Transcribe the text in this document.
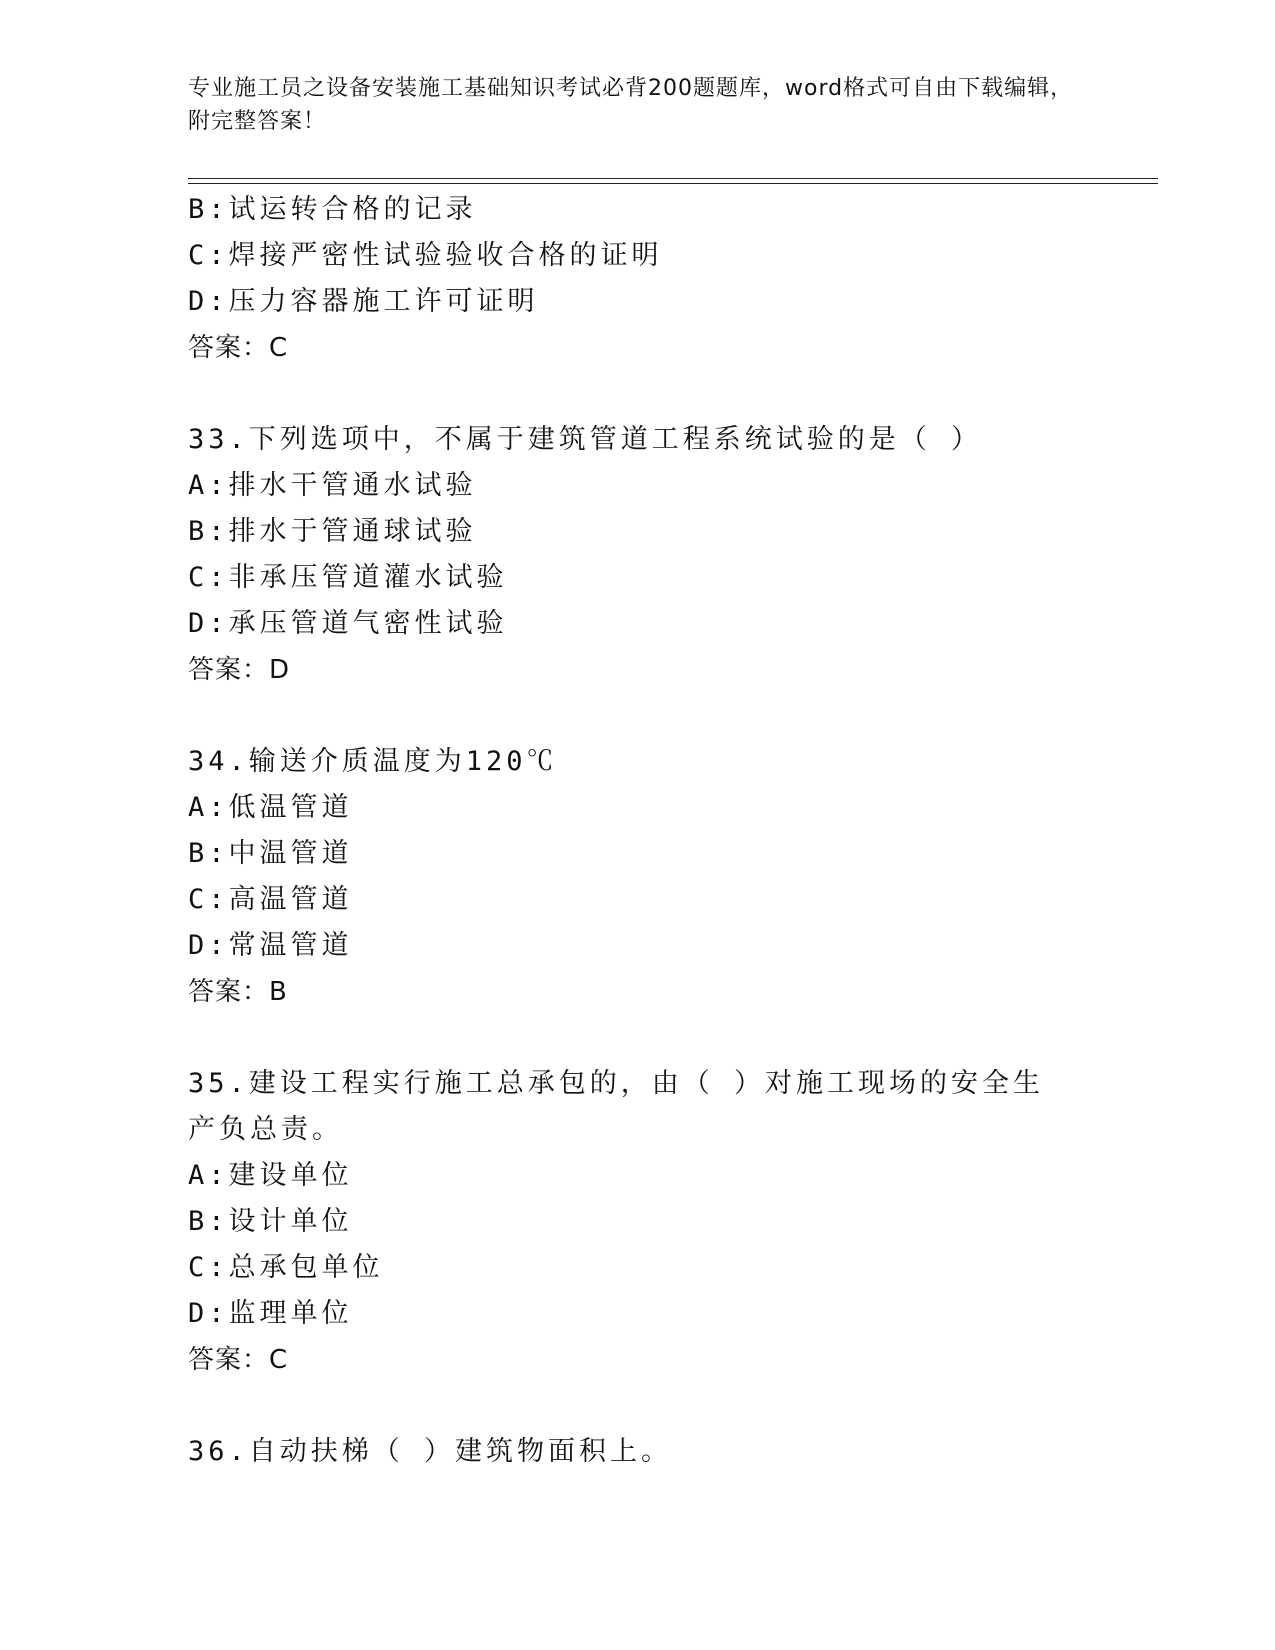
专业施工员之设备安装施工基础知识考试必背200题题库，word格式可自由下载编辑，附完整答案！
B:试运转合格的记录
C:焊接严密性试验验收合格的证明
D:压力容器施工许可证明
答案：C
33.下列选项中，不属于建筑管道工程系统试验的是（ ）
A:排水干管通水试验
B:排水于管通球试验
C:非承压管道灌水试验
D:承压管道气密性试验
答案：D
34.输送介质温度为120℃
A:低温管道
B:中温管道
C:高温管道
D:常温管道
答案：B
35.建设工程实行施工总承包的，由（ ）对施工现场的安全生产负总责。
A:建设单位
B:设计单位
C:总承包单位
D:监理单位
答案：C
36.自动扶梯（ ）建筑物面积上。
